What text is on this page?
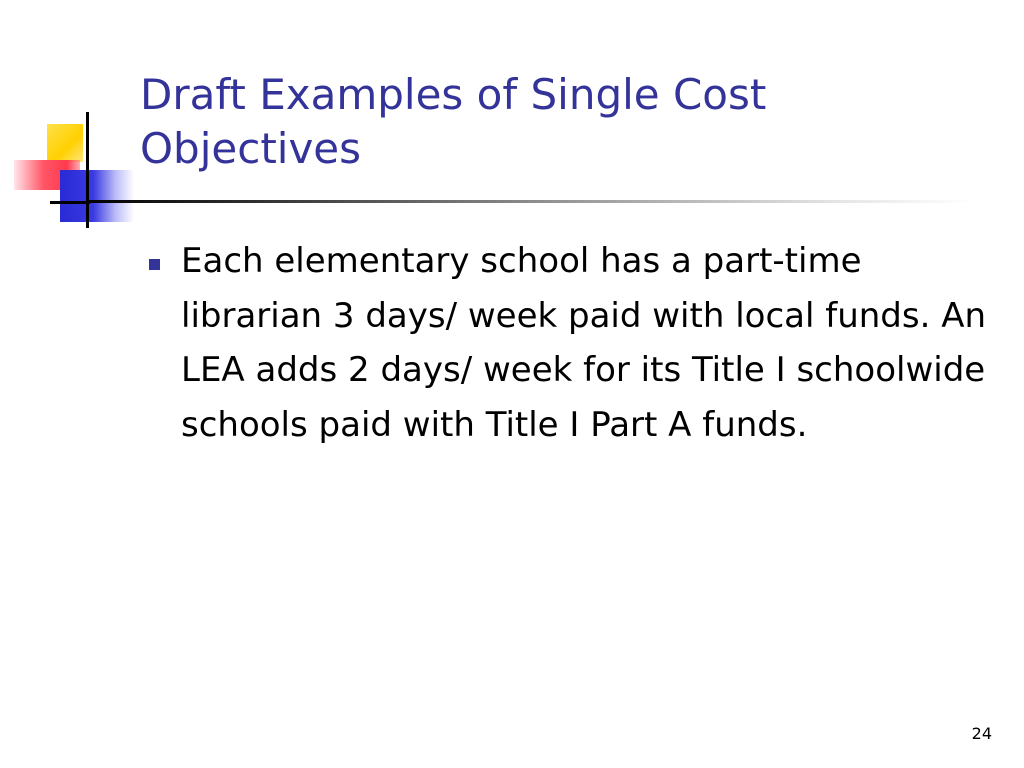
Draft Examples of Single Cost Objectives
Each elementary school has a part-time librarian 3 days/ week paid with local funds. An LEA adds 2 days/ week for its Title I schoolwide schools paid with Title I Part A funds.
24
